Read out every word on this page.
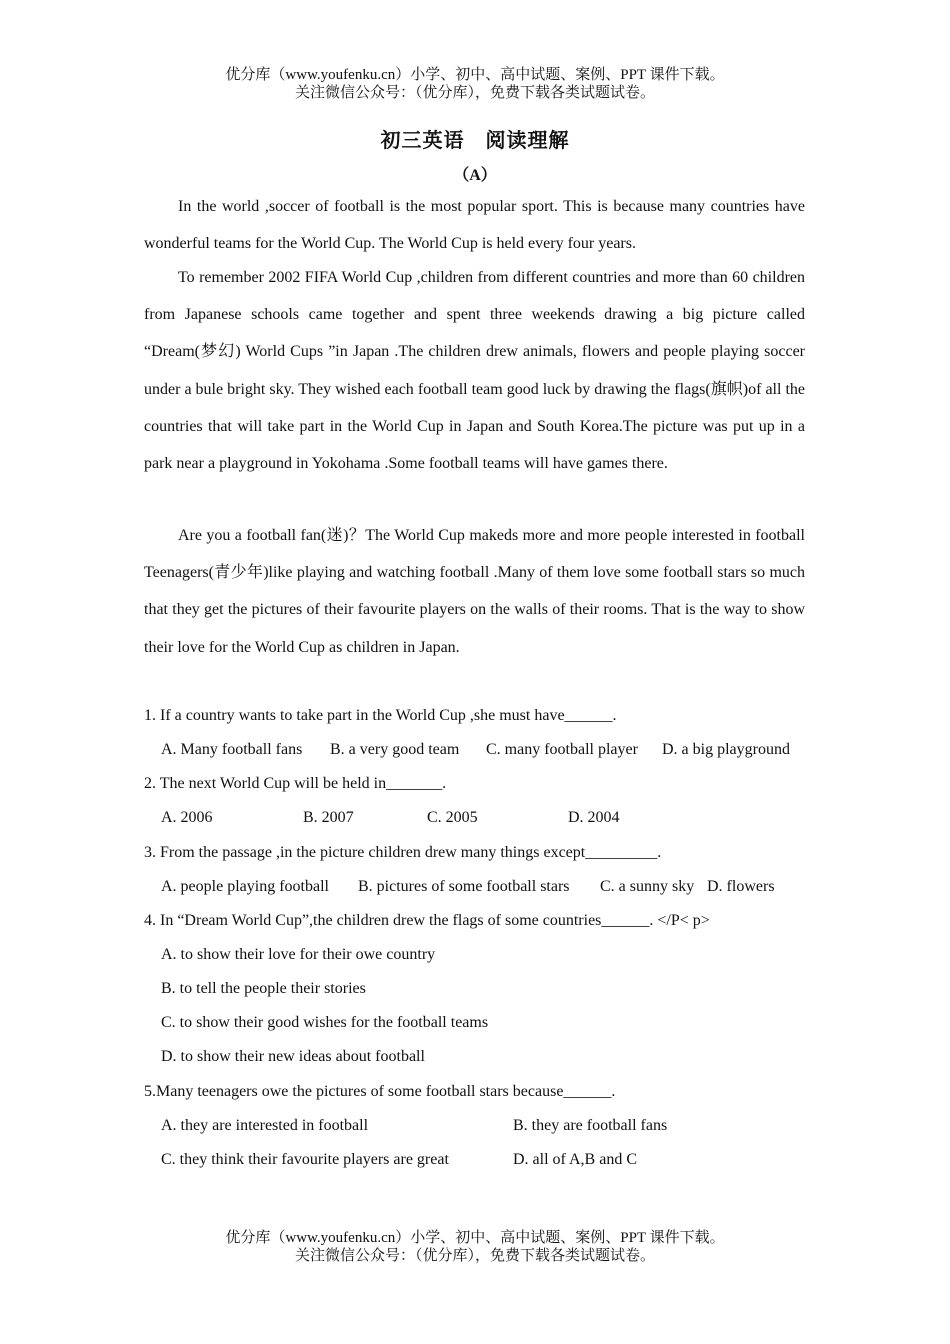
优分库（www.youfenku.cn）小学、初中、高中试题、案例、PPT 课件下载。
关注微信公众号：（优分库），免费下载各类试题试卷。
初三英语　阅读理解
（A）

In the world ,soccer of football is the most popular sport. This is because many countries have wonderful teams for the World Cup. The World Cup is held every four years.

To remember 2002 FIFA World Cup ,children from different countries and more than 60 children from Japanese schools came together and spent three weekends drawing a big picture called “Dream(梦幻) World Cups ”in Japan .The children drew animals, flowers and people playing soccer under a bule bright sky. They wished each football team good luck by drawing the flags(旗帜)of all the countries that will take part in the World Cup in Japan and South Korea.The picture was put up in a park near a playground in Yokohama .Some football teams will have games there.

Are you a football fan(迷)？The World Cup makeds more and more people interested in football Teenagers(青少年)like playing and watching football .Many of them love some football stars so much that they get the pictures of their favourite players on the walls of their rooms. That is the way to show their love for the World Cup as children in Japan.

1. If a country wants to take part in the World Cup ,she must have______.
A. Many football fans B. a very good team C. many football player D. a big playground
2. The next World Cup will be held in_______.
A. 2006	B. 2007	C. 2005	D. 2004
3. From the passage ,in the picture children drew many things except_________.
A. people playing football B. pictures of some football stars C. a sunny sky D. flowers
4. In “Dream World Cup”,the children drew the flags of some countries______. </P< p>
A. to show their love for their owe country
B. to tell the people their stories
C. to show their good wishes for the football teams
D. to show their new ideas about football
5.Many teenagers owe the pictures of some football stars because______.
A. they are interested in football	B. they are football fans
C. they think their favourite players are great	D. all of A,B and C
优分库（www.youfenku.cn）小学、初中、高中试题、案例、PPT 课件下载。
关注微信公众号：（优分库），免费下载各类试题试卷。
